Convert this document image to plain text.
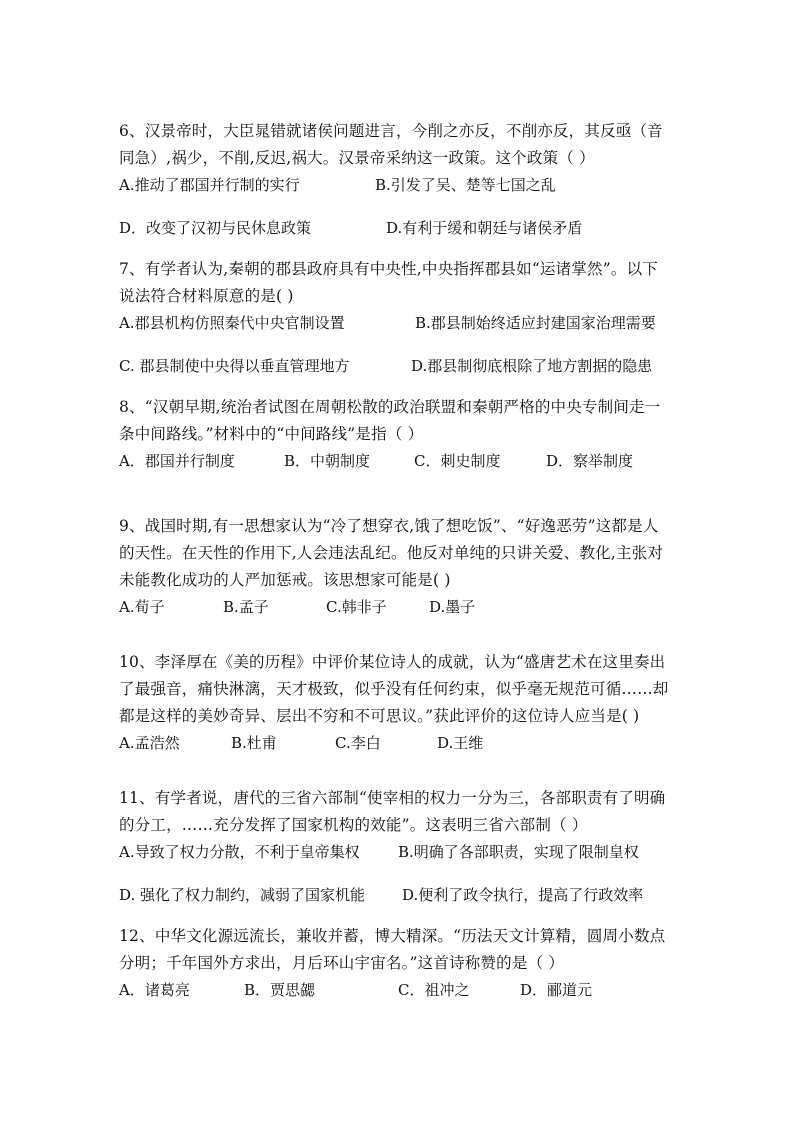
6、汉景帝时，大臣晁错就诸侯问题进言，今削之亦反，不削亦反，其反亟（音
同急）,祸少，不削,反迟,祸大。汉景帝采纳这一政策。这个政策（ ）
A.推动了郡国并行制的实行	B.引发了吴、楚等七国之乱
D．改变了汉初与民休息政策	D.有利于缓和朝廷与诸侯矛盾
7、有学者认为,秦朝的郡县政府具有中央性,中央指挥郡县如“运诸掌然”。以下
说法符合材料原意的是( )
A.郡县机构仿照秦代中央官制设置	B.郡县制始终适应封建国家治理需要
C. 郡县制使中央得以垂直管理地方	D.郡县制彻底根除了地方割据的隐患
8、“汉朝早期,统治者试图在周朝松散的政治联盟和秦朝严格的中央专制间走一
条中间路线。”材料中的“中间路线”是指（ ）
A．郡国并行制度	B．中朝制度	C．刺史制度	D．察举制度
9、战国时期,有一思想家认为“冷了想穿衣,饿了想吃饭”、“好逸恶劳”这都是人
的天性。在天性的作用下,人会违法乱纪。他反对单纯的只讲关爱、教化,主张对
未能教化成功的人严加惩戒。该思想家可能是( )
A.荀子	B.孟子	C.韩非子	D.墨子
10、李泽厚在《美的历程》中评价某位诗人的成就，认为“盛唐艺术在这里奏出
了最强音，痛快淋漓，天才极致，似乎没有任何约束，似乎毫无规范可循……却
都是这样的美妙奇异、层出不穷和不可思议。”获此评价的这位诗人应当是( )
A.孟浩然	B.杜甫	C.李白	D.王维
11、有学者说，唐代的三省六部制“使宰相的权力一分为三，各部职责有了明确
的分工，……充分发挥了国家机构的效能”。这表明三省六部制（ ）
A.导致了权力分散，不利于皇帝集权	B.明确了各部职责，实现了限制皇权
D. 强化了权力制约，减弱了国家机能 D.便利了政令执行，提高了行政效率
12、中华文化源远流长，兼收并蓄，博大精深。“历法天文计算精，圆周小数点
分明；千年国外方求出，月后环山宇宙名。”这首诗称赞的是（ ）
A．诸葛亮	B．贾思勰	C．祖冲之	D．郦道元
